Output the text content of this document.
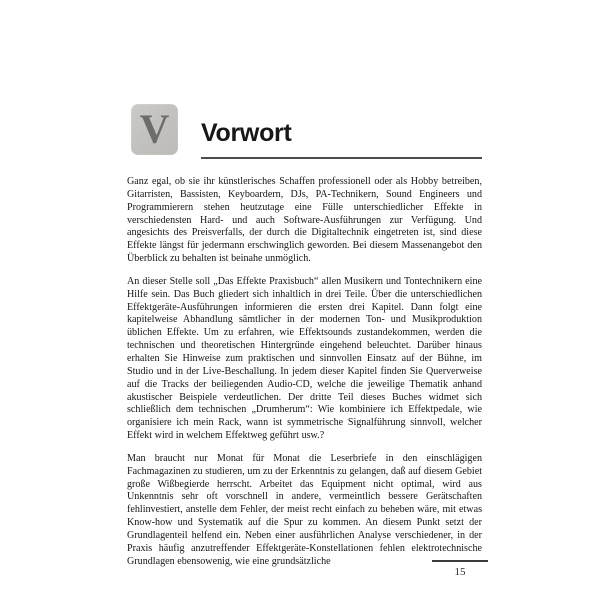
V	Vorwort

Ganz egal, ob sie ihr künstlerisches Schaffen professionell oder als Hobby betreiben, Gitarristen, Bassisten, Keyboardern, DJs, PA-Technikern, Sound Engineers und Programmierern stehen heutzutage eine Fülle unterschiedlicher Effekte in verschiedensten Hard- und auch Software-Ausführungen zur Verfügung. Und angesichts des Preisverfalls, der durch die Digitaltechnik eingetreten ist, sind diese Effekte längst für jedermann erschwinglich geworden. Bei diesem Massenangebot den Überblick zu behalten ist beinahe unmöglich.

An dieser Stelle soll „Das Effekte Praxisbuch“ allen Musikern und Tontechnikern eine Hilfe sein. Das Buch gliedert sich inhaltlich in drei Teile. Über die unterschiedlichen Effektgeräte-Ausführungen informieren die ersten drei Kapitel. Dann folgt eine kapitelweise Abhandlung sämtlicher in der modernen Ton- und Musikproduktion üblichen Effekte. Um zu erfahren, wie Effektsounds zustandekommen, werden die technischen und theoretischen Hintergründe eingehend beleuchtet. Darüber hinaus erhalten Sie Hinweise zum praktischen und sinnvollen Einsatz auf der Bühne, im Studio und in der Live-Beschallung. In jedem dieser Kapitel finden Sie Querverweise auf die Tracks der beiliegenden Audio-CD, welche die jeweilige Thematik anhand akustischer Beispiele verdeutlichen. Der dritte Teil dieses Buches widmet sich schließlich dem technischen „Drumherum“: Wie kombiniere ich Effektpedale, wie organisiere ich mein Rack, wann ist symmetrische Signalführung sinnvoll, welcher Effekt wird in welchem Effektweg geführt usw.?

Man braucht nur Monat für Monat die Leserbriefe in den einschlägigen Fachmagazinen zu studieren, um zu der Erkenntnis zu gelangen, daß auf diesem Gebiet große Wißbegierde herrscht. Arbeitet das Equipment nicht optimal, wird aus Unkenntnis sehr oft vorschnell in andere, vermeintlich bessere Gerätschaften fehlinvestiert, anstelle dem Fehler, der meist recht einfach zu beheben wäre, mit etwas Know-how und Systematik auf die Spur zu kommen. An diesem Punkt setzt der Grundlagenteil helfend ein. Neben einer ausführlichen Analyse verschiedener, in der Praxis häufig anzutreffender Effektgeräte-Konstellationen fehlen elektrotechnische Grundlagen ebensowenig, wie eine grundsätzliche

15
